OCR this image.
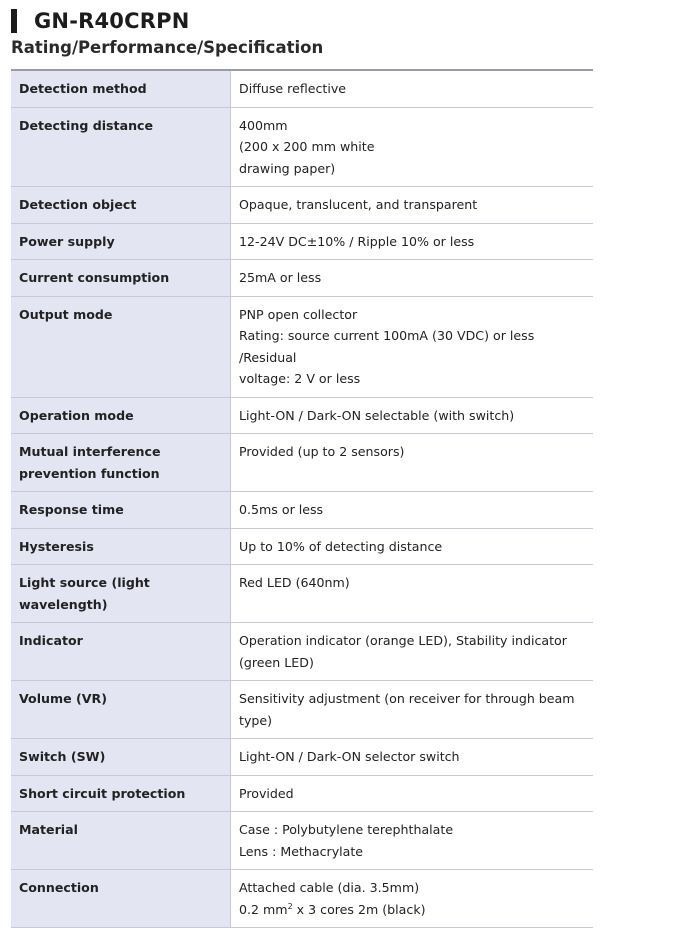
GN-R40CRPN
Rating/Performance/Specification
Detection method	Diffuse reflective

Detecting distance	400mm
(200 x 200 mm white
drawing paper)

Detection object	Opaque, translucent, and transparent

Power supply	12-24V DC±10% / Ripple 10% or less

Current consumption	25mA or less

Output mode	PNP open collector
Rating: source current 100mA (30 VDC) or less /Residual
voltage: 2 V or less

Operation mode	Light-ON / Dark-ON selectable (with switch)

Mutual interference prevention function	Provided (up to 2 sensors)

Response time	0.5ms or less

Hysteresis	Up to 10% of detecting distance

Light source (light wavelength)	Red LED (640nm)

Indicator	Operation indicator (orange LED), Stability indicator (green LED)

Volume (VR)	Sensitivity adjustment (on receiver for through beam type)

Switch (SW)	Light-ON / Dark-ON selector switch

Short circuit protection	Provided

Material	Case : Polybutylene terephthalate
Lens : Methacrylate

Connection	Attached cable (dia. 3.5mm)
0.2 $mm^2$ x 3 cores 2m (black)
